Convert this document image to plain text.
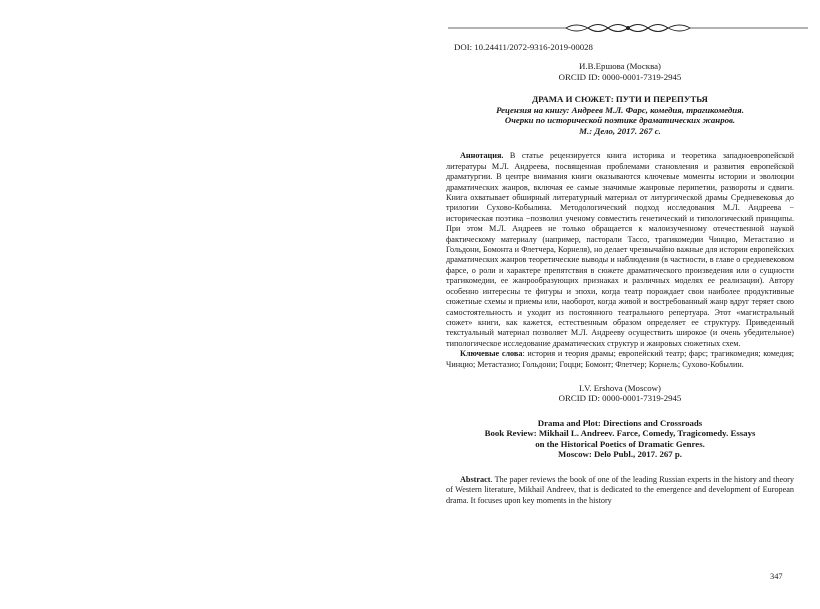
DOI: 10.24411/2072-9316-2019-00028
И.В.Ершова (Москва)
ORCID ID: 0000-0001-7319-2945
ДРАМА И СЮЖЕТ: ПУТИ И ПЕРЕПУТЬЯ
Рецензия на книгу: Андреев М.Л. Фарс, комедия, трагикомедия.
Очерки по исторической поэтике драматических жанров.
М.: Дело, 2017. 267 с.

Аннотация. В статье рецензируется книга историка и теоретика западноевропейской литературы М.Л. Андреева, посвященная проблемами становления и развития европейской драматургии. В центре внимания книги оказываются ключевые моменты истории и эволюции драматических жанров, включая ее самые значимые жанровые перипетии, развороты и сдвиги. Книга охватывает обширный литературный материал от литургической драмы Средневековья до трилогии Сухово-Кобылина. Методологический подход исследования М.Л. Андреева − историческая поэтика −позволил ученому совместить генетический и типологический принципы. При этом М.Л. Андреев не только обращается к малоизученному отечественной наукой фактическому материалу (например, пасторали Тассо, трагикомедии Чинцио, Метастазио и Гольдони, Бомонта и Флетчера, Корнеля), но делает чрезвычайно важные для истории европейских драматических жанров теоретические выводы и наблюдения (в частности, в главе о средневековом фарсе, о роли и характере препятствия в сюжете драматического произведения или о сущности трагикомедии, ее жанрообразующих признаках и различных моделях ее реализации). Автору особенно интересны те фигуры и эпохи, когда театр порождает свои наиболее продуктивные сюжетные схемы и приемы или, наоборот, когда живой и востребованный жанр вдруг теряет свою самостоятельность и уходит из постоянного театрального репертуара. Этот «магистральный сюжет» книги, как кажется, естественным образом определяет ее структуру. Приведенный текстуальный материал позволяет М.Л. Андрееву осуществить широкое (и очень убедительное) типологическое исследование драматических структур и жанровых сюжетных схем.

Ключевые слова: история и теория драмы; европейский театр; фарс; трагикомедия; комедия; Чинцио; Метастазио; Гольдони; Гоцци; Бомонт; Флетчер; Корнель; Сухово-Кобылин.

I.V. Ershova (Moscow)
ORCID ID: 0000-0001-7319-2945
Drama and Plot: Directions and Crossroads
Book Review: Mikhail L. Andreev. Farce, Comedy, Tragicomedy. Essays
on the Historical Poetics of Dramatic Genres.
Moscow: Delo Publ., 2017. 267 p.

Abstract. The paper reviews the book of one of the leading Russian experts in the history and theory of Western literature, Mikhail Andreev, that is dedicated to the emergence and development of European drama. It focuses upon key moments in the history

347
